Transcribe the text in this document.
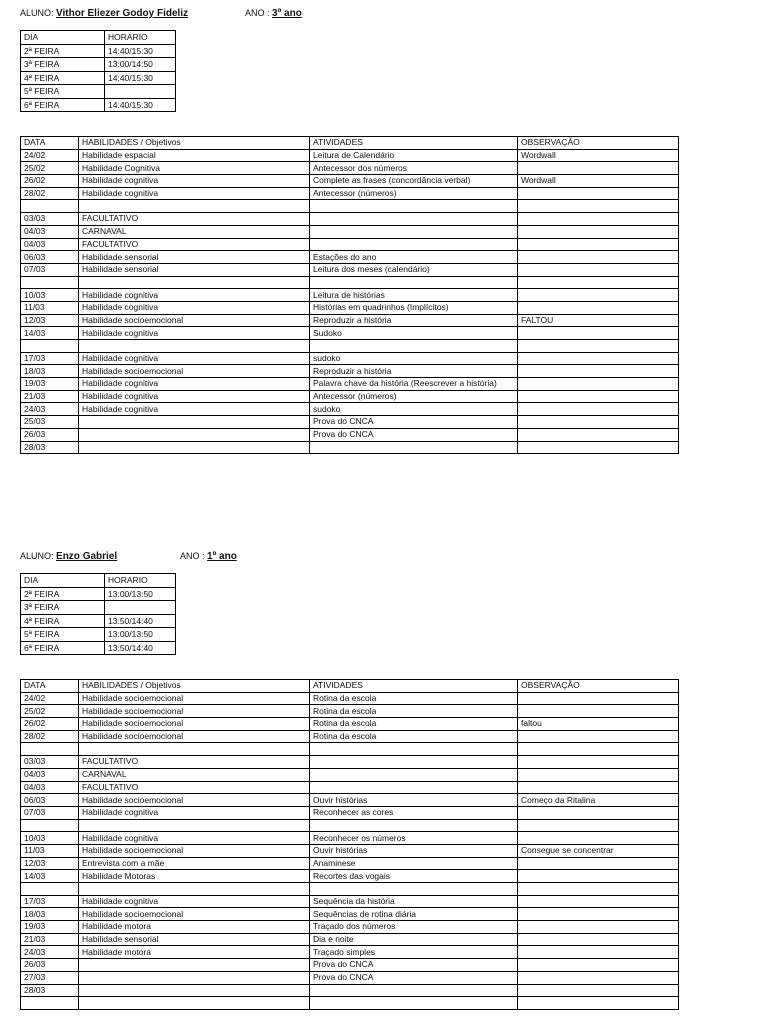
ALUNO: Vithor Eliezer Godoy Fideliz	ANO : 3º ano
DIA	HORARIO
2ª FEIRA	14:40/15:30
3ª FEIRA	13:00/14:50
4ª FEIRA	14:40/15:30
5ª FEIRA	
6ª FEIRA	14:40/15:30
DATA	HABILIDADES / Objetivos	ATIVIDADES	OBSERVAÇÃO
24/02	Habilidade espacial	Leitura de Calendário	Wordwall
25/02	Habilidade Cognitiva	Antecessor dos números	
26/02	Habilidade cognitiva	Complete as frases (concordância verbal)	Wordwall
28/02	Habilidade cognitiva	Antecessor (números)	

03/03	FACULTATIVO		
04/03	CARNAVAL		
04/03	FACULTATIVO		
06/03	Habilidade sensorial	Estações do ano	
07/03	Habilidade sensorial	Leitura dos meses (calendário)	

10/03	Habilidade cognitiva	Leitura de histórias	
11/03	Habilidade cognitiva	Histórias em quadrinhos (Implícitos)	
12/03	Habilidade socioemocional	Reproduzir a história	FALTOU
14/03	Habilidade cognitiva	Sudoko	

17/03	Habilidade cognitiva	sudoko	
18/03	Habilidade socioemocional	Reproduzir a história	
19/03	Habilidade cognitiva	Palavra chave da história (Reescrever a história)	
21/03	Habilidade cognitiva	Antecessor (números)	
24/03	Habilidade cognitiva	sudoko	
25/03		Prova do CNCA	
26/03		Prova do CNCA	
28/03			
ALUNO: Enzo Gabriel	ANO : 1º ano
DIA	HORARIO
2ª FEIRA	13:00/13:50
3ª FEIRA	
4ª FEIRA	13:50/14:40
5ª FEIRA	13:00/13:50
6ª FEIRA	13:50/14:40
DATA	HABILIDADES / Objetivos	ATIVIDADES	OBSERVAÇÃO
24/02	Habilidade socioemocional	Rotina da escola	
25/02	Habilidade socioemocional	Rotina da escola	
26/02	Habilidade socioemocional	Rotina da escola	faltou
28/02	Habilidade socioemocional	Rotina da escola	

03/03	FACULTATIVO		
04/03	CARNAVAL		
04/03	FACULTATIVO		
06/03	Habilidade socioemocional	Ouvir histórias	Começo da Ritalina
07/03	Habilidade cognitiva	Reconhecer as cores	

10/03	Habilidade cognitiva	Reconhecer os números	
11/03	Habilidade socioemocional	Ouvir histórias	Consegue se concentrar
12/03	Entrevista com a mãe	Anaminese	
14/03	Habilidade Motoras	Recortes das vogais	

17/03	Habilidade cognitiva	Sequência da história	
18/03	Habilidade socioemocional	Sequências de rotina diária	
19/03	Habilidade motora	Traçado dos números	
21/03	Habilidade sensorial	Dia e noite	
24/03	Habilidade motora	Traçado simples	
26/03		Prova do CNCA	
27/03		Prova do CNCA	
28/03			
